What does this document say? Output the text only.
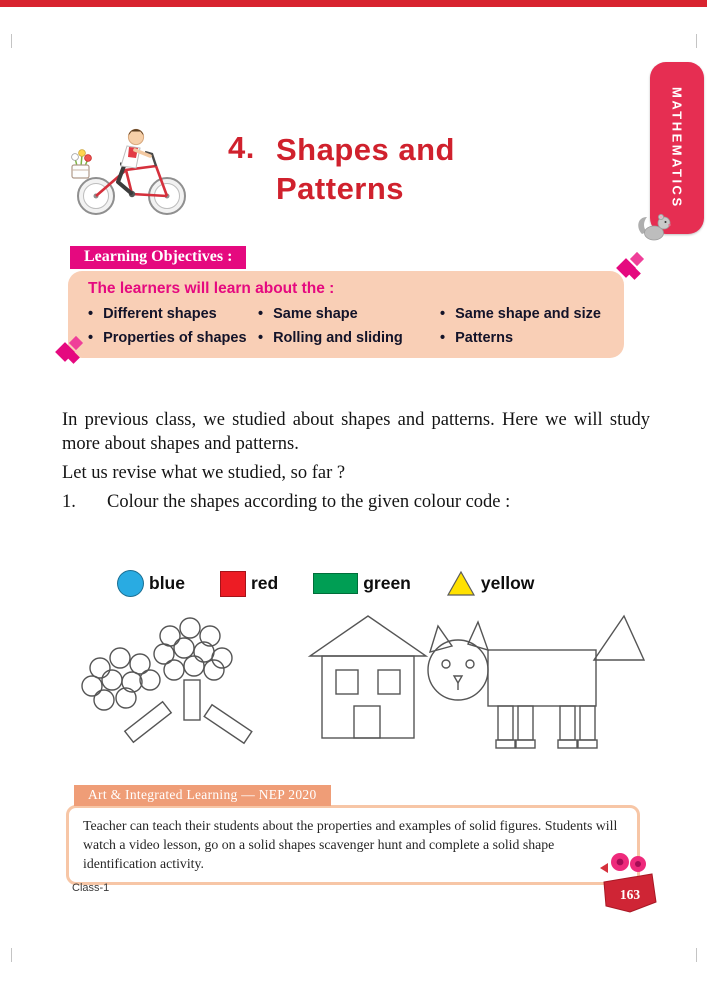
4. Shapes and
Patterns	MATHEMATICS
Learning Objectives :
The learners will learn about the :
• Different shapes	• Same shape	• Same shape and size
• Properties of shapes	• Rolling and sliding	• Patterns

In previous class, we studied about shapes and patterns. Here we will study more about shapes and patterns.

Let us revise what we studied, so far ?

1.	Colour the shapes according to the given colour code :
blue	red	green	yellow
Art & Integrated Learning — NEP 2020
Teacher can teach their students about the properties and examples of solid figures. Students will watch a video lesson, go on a solid shapes scavenger hunt and complete a solid shape identification activity.
Class-1	163
